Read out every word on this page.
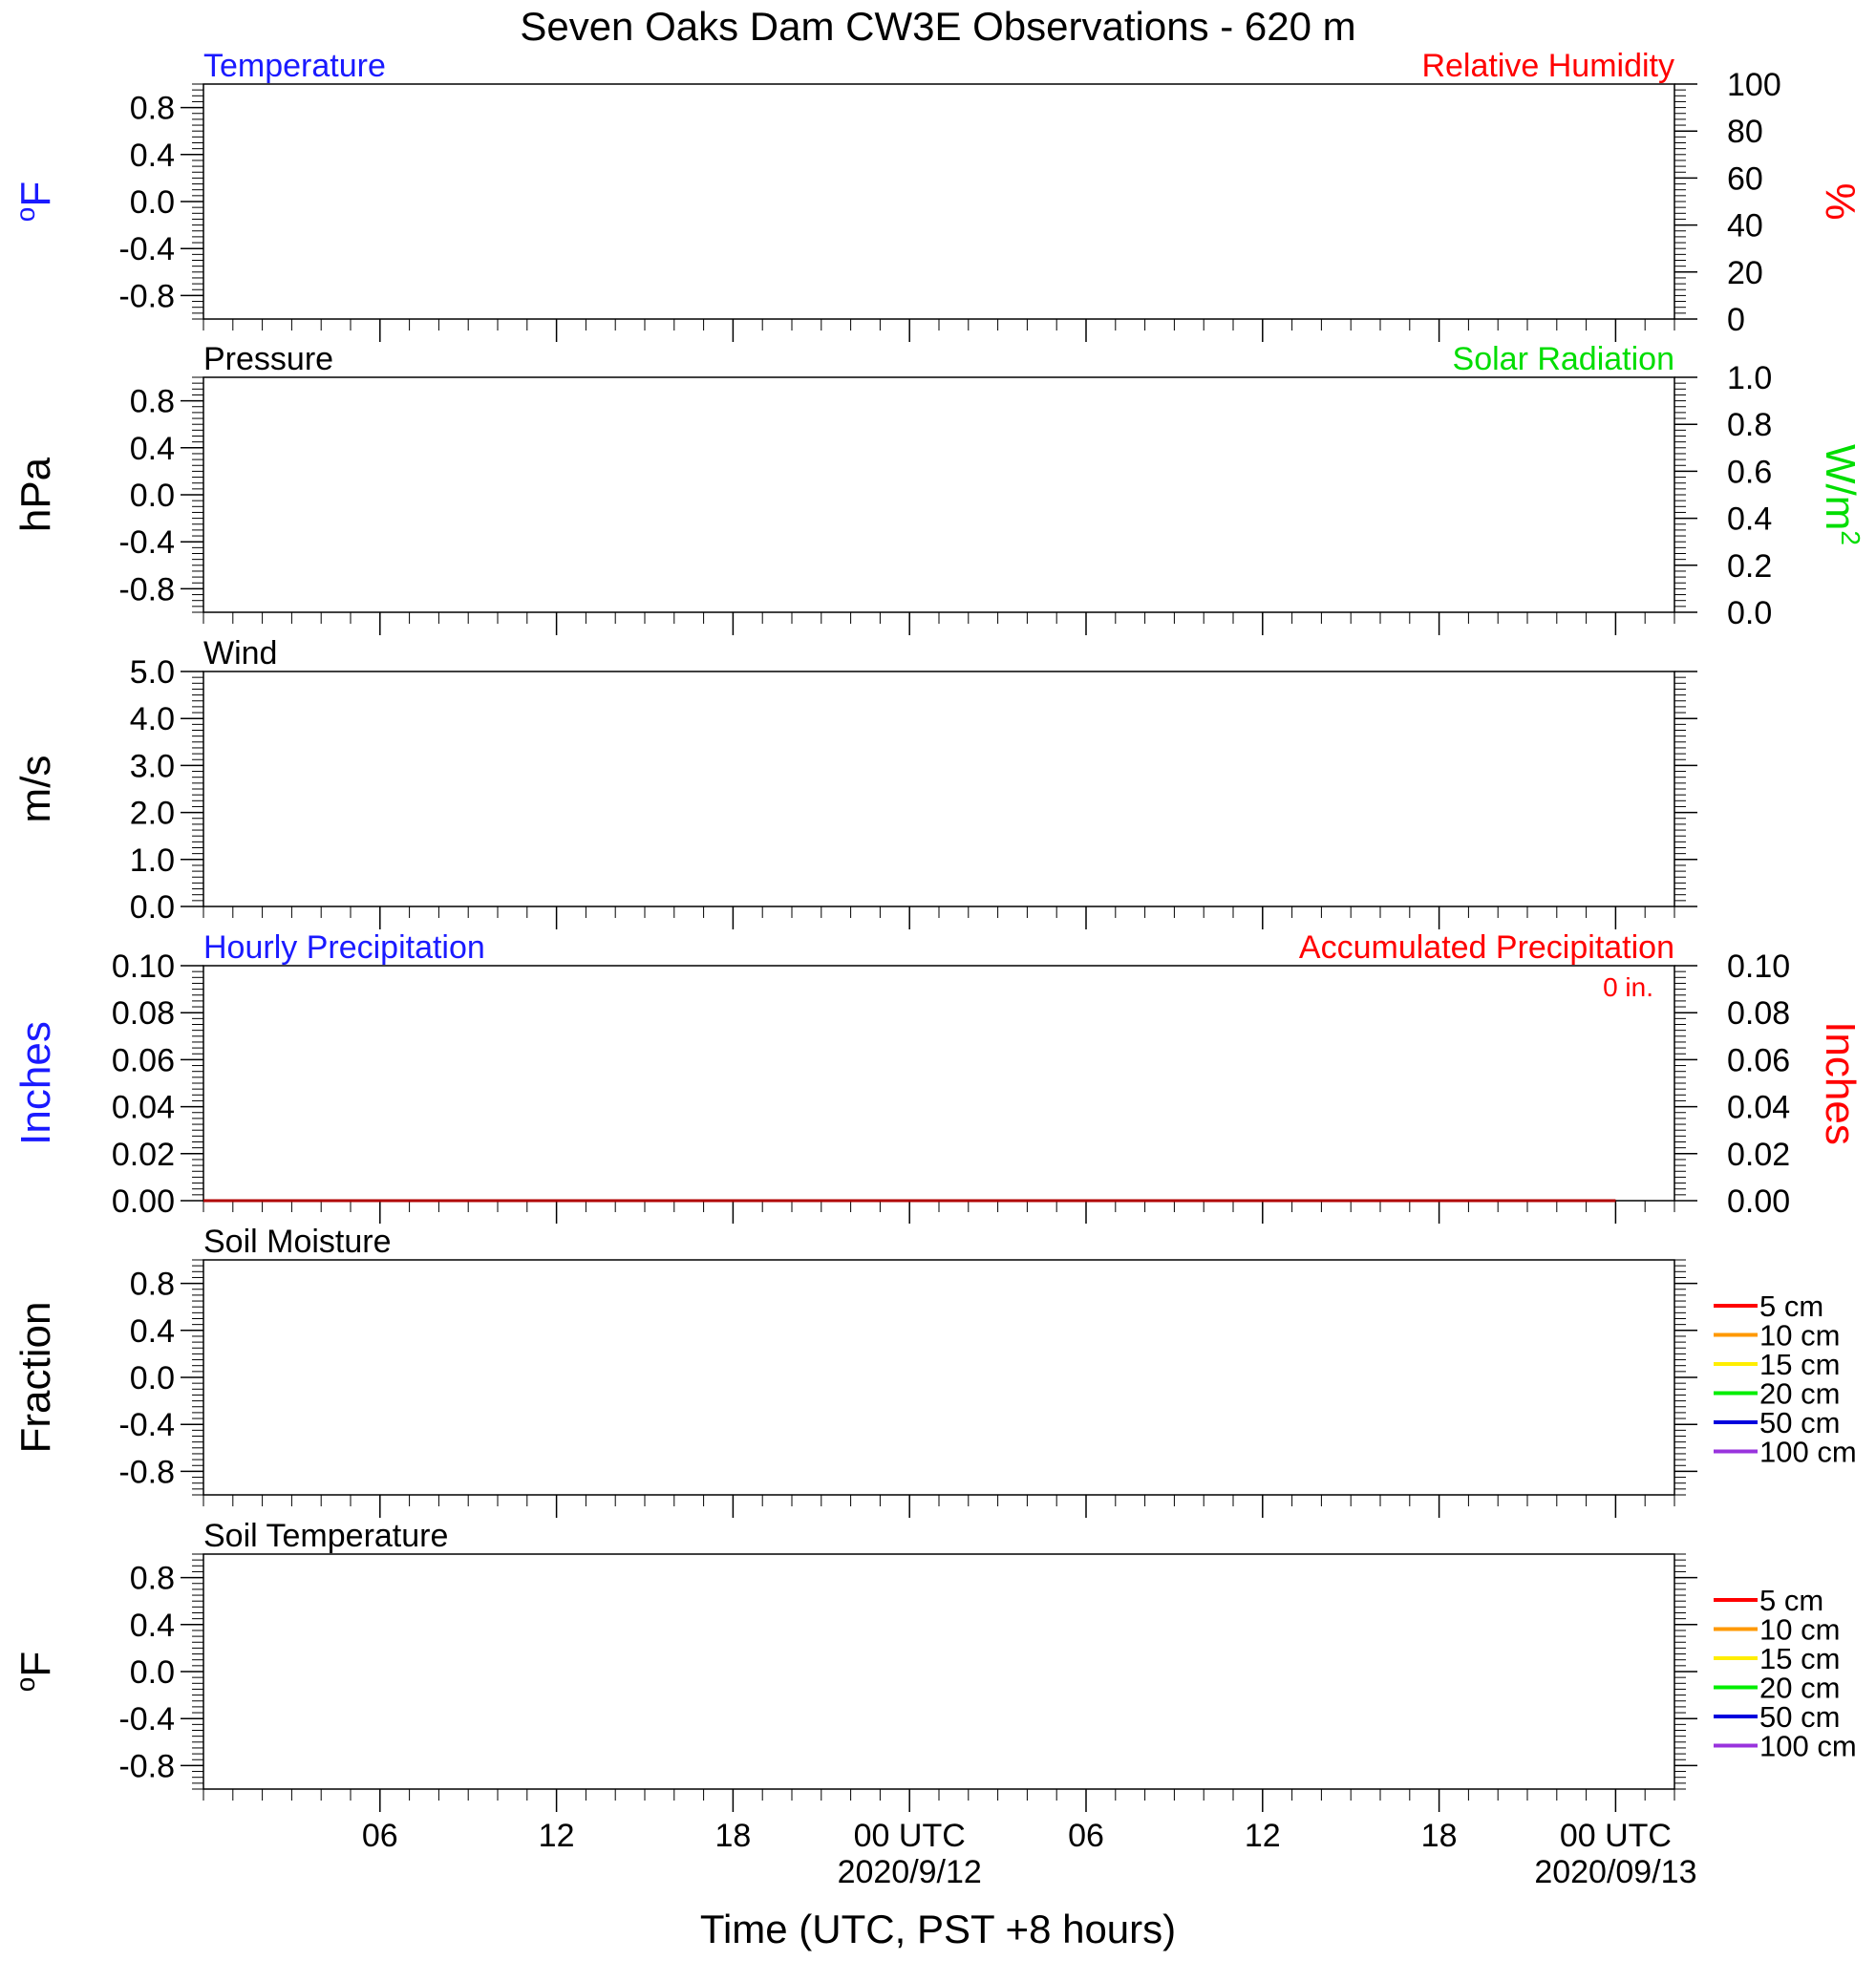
Seven Oaks Dam CW3E Observations - 620 m
Temperature	Relative Humidity
0.8
0.4
0.0
-0.4
-0.8
100
80
60
40
20
0
$^o$F	%
Pressure	Solar Radiation
0.8
0.4
0.0
-0.4
-0.8
1.0
0.8
0.6
0.4
0.2
0.0
hPa	$W/m^2$
Wind
5.0
4.0
3.0
2.0
1.0
0.0
m/s
Hourly Precipitation	Accumulated Precipitation
0 in.
0.10
0.08
0.06
0.04
0.02
0.00
0.10
0.08
0.06
0.04
0.02
0.00
Inches	Inches
Soil Moisture
0.8
0.4
0.0
-0.4
-0.8
Fraction	5 cm
10 cm
15 cm
20 cm
50 cm
100 cm
Soil Temperature
0.8
0.4
0.0
-0.4
-0.8
$^o$F
5 cm
10 cm
15 cm
20 cm
50 cm
100 cm
06	12	18	00 UTC
2020/9/12
06	12	18	00 UTC
2020/09/13
Time (UTC, PST +8 hours)
